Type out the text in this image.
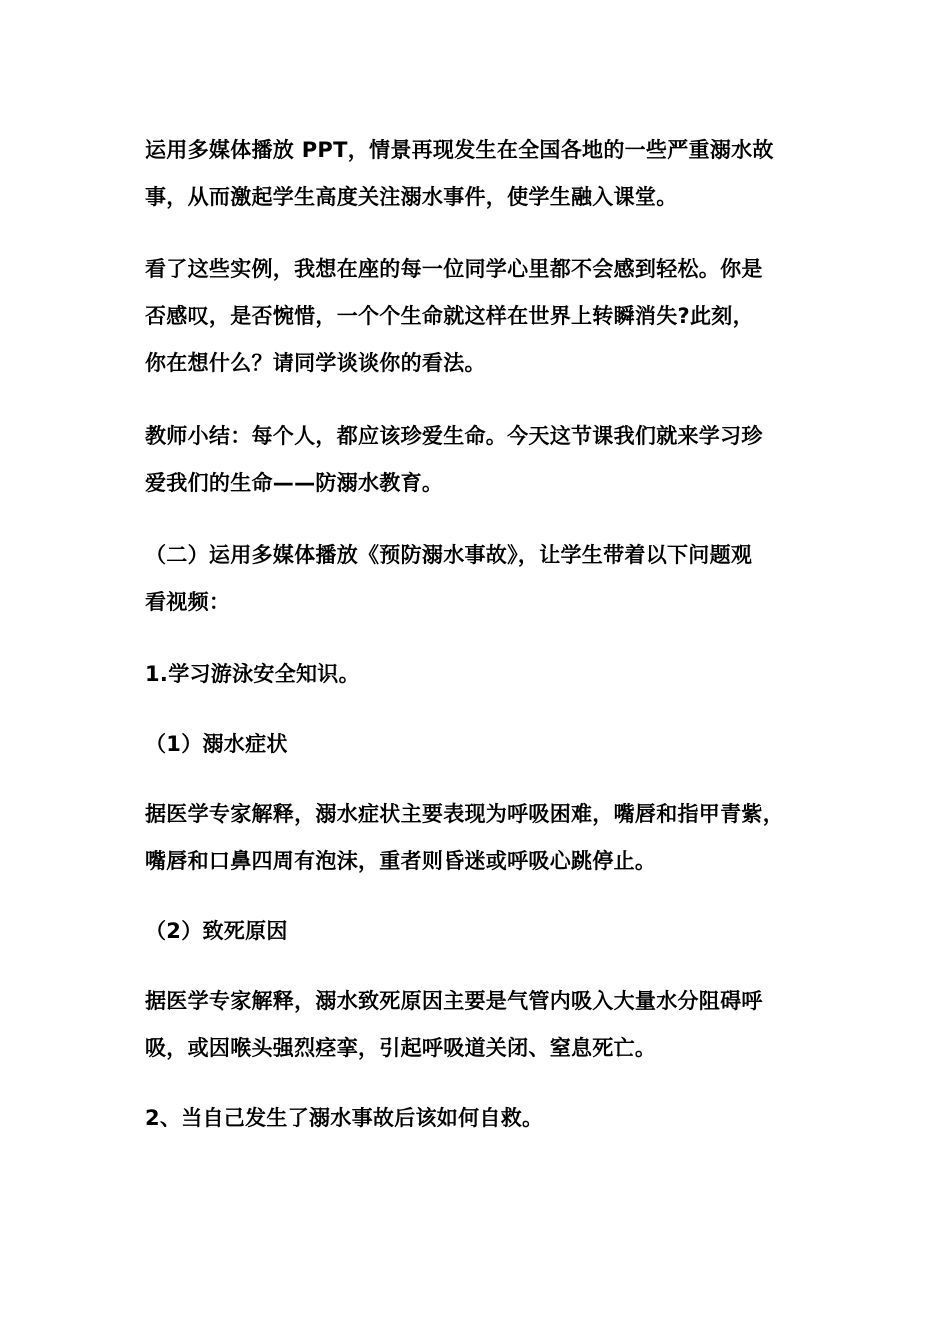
运用多媒体播放 PPT，情景再现发生在全国各地的一些严重溺水故
事，从而激起学生高度关注溺水事件，使学生融入课堂。
看了这些实例，我想在座的每一位同学心里都不会感到轻松。你是
否感叹，是否惋惜，一个个生命就这样在世界上转瞬消失?此刻，
你在想什么？请同学谈谈你的看法。
教师小结：每个人，都应该珍爱生命。今天这节课我们就来学习珍
爱我们的生命——防溺水教育。
（二）运用多媒体播放《预防溺水事故》，让学生带着以下问题观
看视频：
1.学习游泳安全知识。
（1）溺水症状
据医学专家解释，溺水症状主要表现为呼吸困难，嘴唇和指甲青紫，
嘴唇和口鼻四周有泡沫，重者则昏迷或呼吸心跳停止。
（2）致死原因
据医学专家解释，溺水致死原因主要是气管内吸入大量水分阻碍呼
吸，或因喉头强烈痉挛，引起呼吸道关闭、窒息死亡。
2、当自己发生了溺水事故后该如何自救。
